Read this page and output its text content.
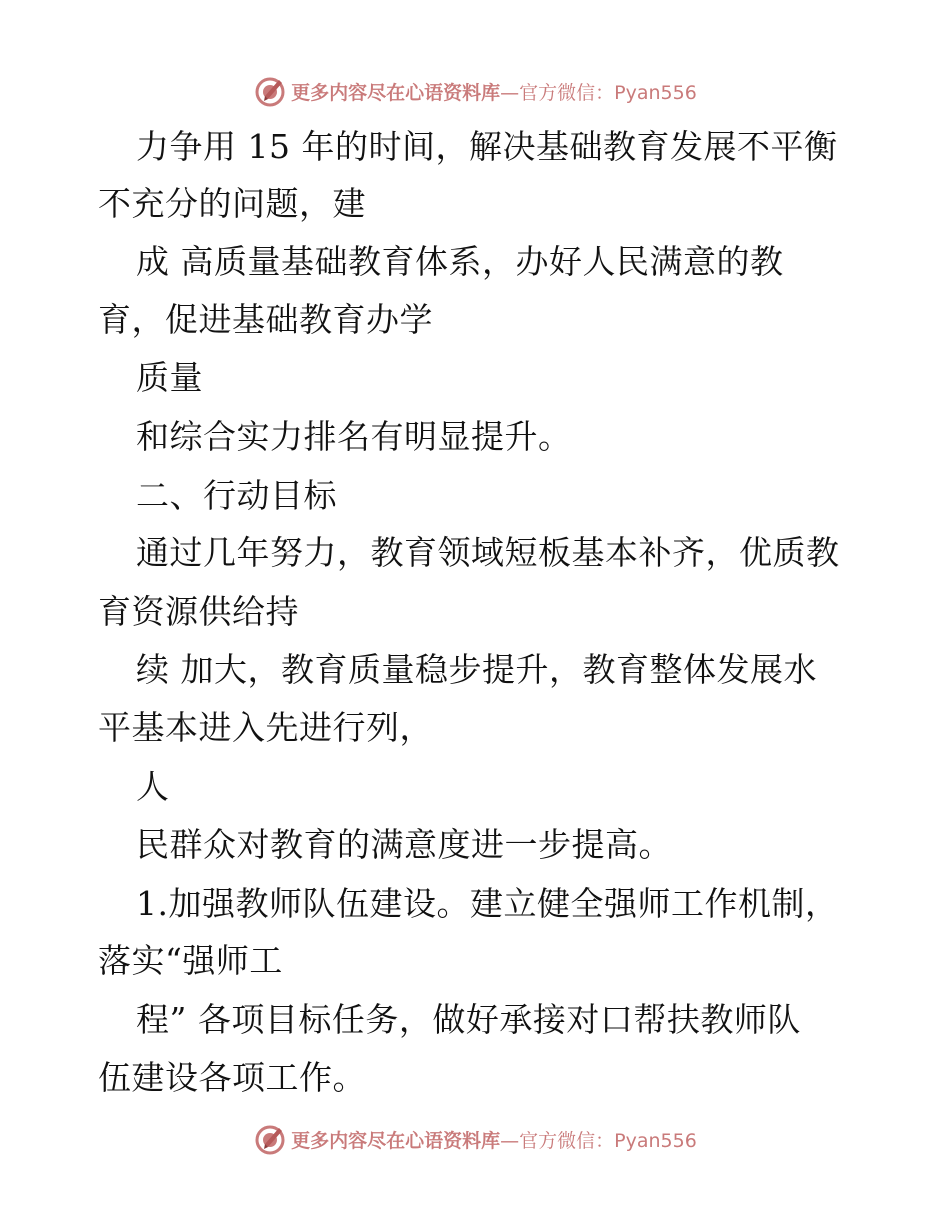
更多内容尽在心语资料库—官方微信：Pyan556
力争用 15 年的时间，解决基础教育发展不平衡
不充分的问题，建
成 高质量基础教育体系，办好人民满意的教
育，促进基础教育办学
质量
和综合实力排名有明显提升。
二、行动目标
通过几年努力，教育领域短板基本补齐，优质教
育资源供给持
续 加大，教育质量稳步提升，教育整体发展水
平基本进入先进行列，
人
民群众对教育的满意度进一步提高。
1.加强教师队伍建设。建立健全强师工作机制，
落实“强师工
程” 各项目标任务，做好承接对口帮扶教师队
伍建设各项工作。
更多内容尽在心语资料库—官方微信：Pyan556
